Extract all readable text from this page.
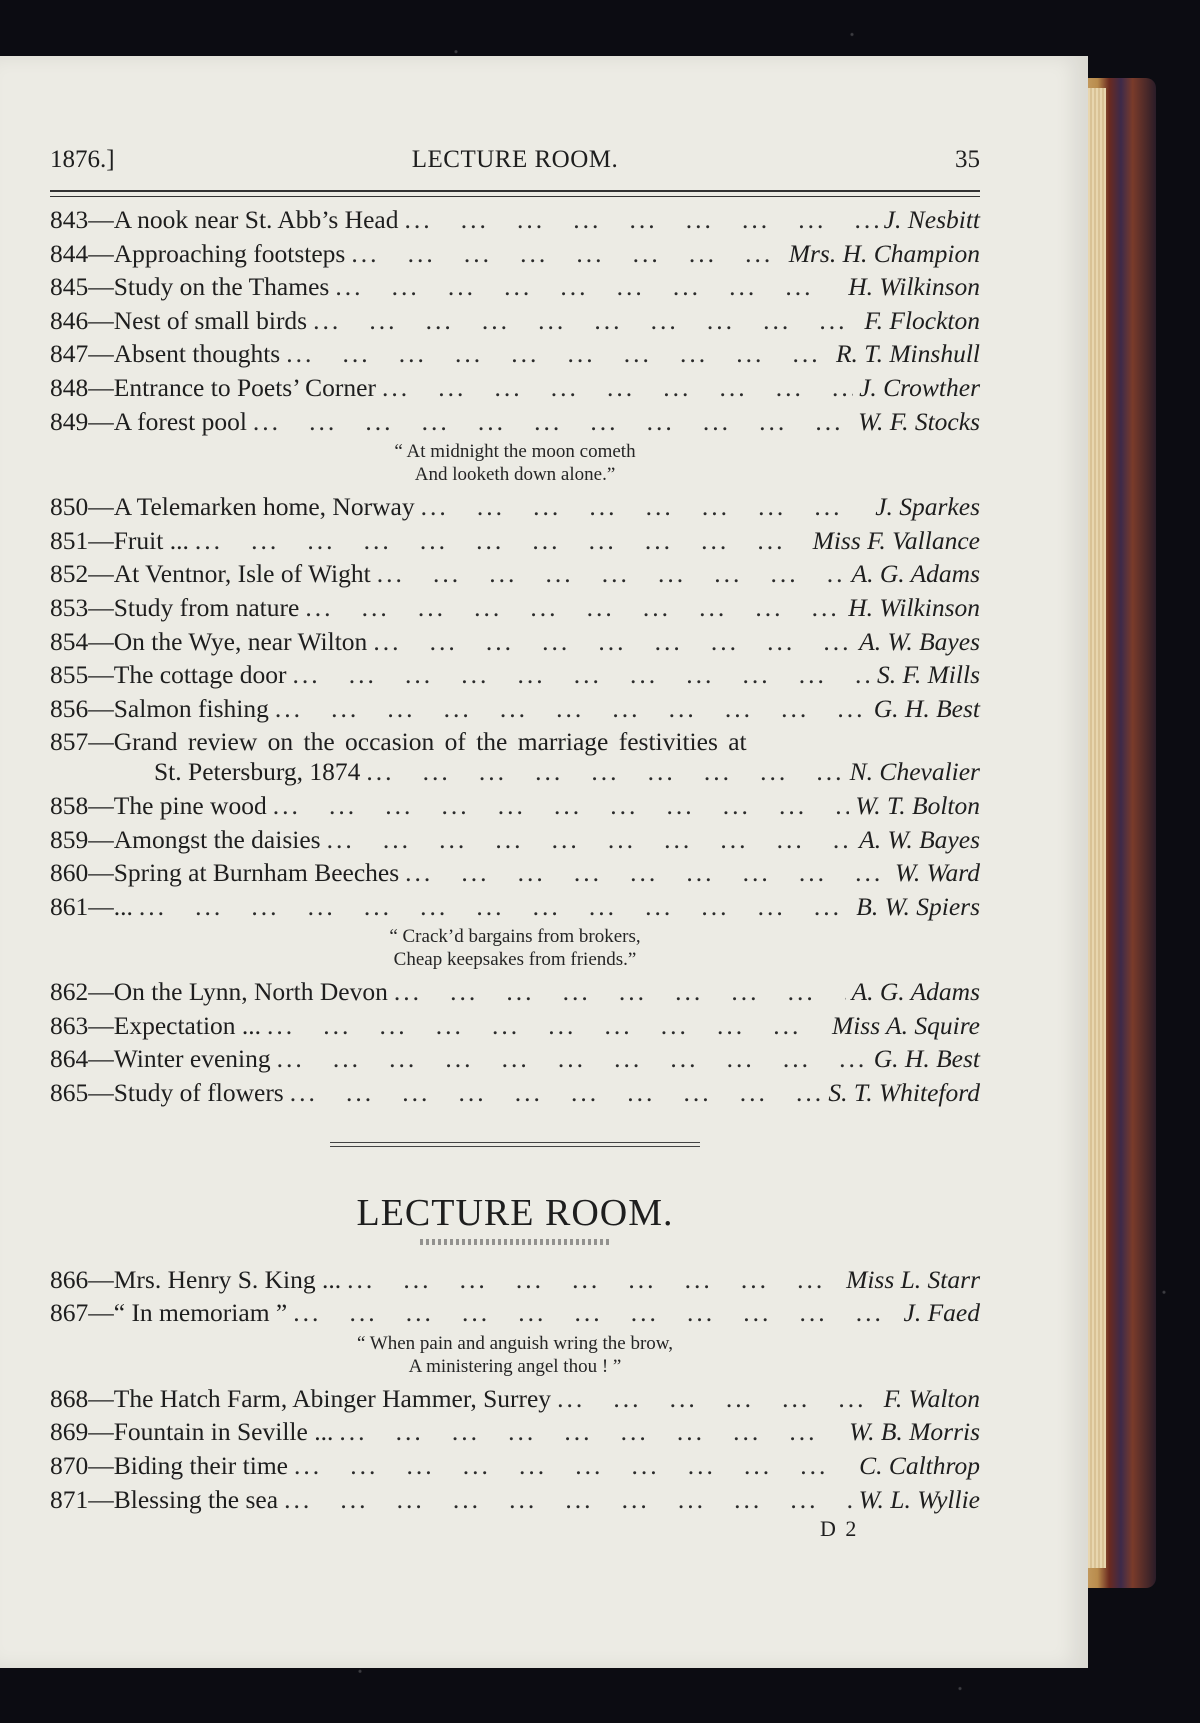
1876.]	LECTURE ROOM.	35
843 — A nook near St. Abb’s Head ...	J. Nesbitt
844 — Approaching footsteps ...	Mrs. H. Champion
845 — Study on the Thames ...	H. Wilkinson
846 — Nest of small birds ...	F. Flockton
847 — Absent thoughts ...	R. T. Minshull
848 — Entrance to Poets’ Corner ...	J. Crowther
849 — A forest pool ...	W. F. Stocks
“ At midnight the moon cometh
And looketh down alone.”
850 — A Telemarken home, Norway ...	J. Sparkes
851 — Fruit ... ...	Miss F. Vallance
852 — At Ventnor, Isle of Wight ...	A. G. Adams
853 — Study from nature ...	H. Wilkinson
854 — On the Wye, near Wilton ...	A. W. Bayes
855 — The cottage door ...	S. F. Mills
856 — Salmon fishing ...	G. H. Best
857 — Grand review on the occasion of the marriage festivities at
St. Petersburg, 1874 ...	N. Chevalier
858 — The pine wood ...	W. T. Bolton
859 — Amongst the daisies ...	A. W. Bayes
860 — Spring at Burnham Beeches ...	W. Ward
861 — ... ...	B. W. Spiers
“ Crack’d bargains from brokers,
Cheap keepsakes from friends.”
862 — On the Lynn, North Devon ...	A. G. Adams
863 — Expectation ... ...	Miss A. Squire
864 — Winter evening ...	G. H. Best
865 — Study of flowers ...	S. T. Whiteford
LECTURE ROOM.
866 — Mrs. Henry S. King ... ...	Miss L. Starr
867 — “ In memoriam ” ...	J. Faed
“ When pain and anguish wring the brow,
A ministering angel thou ! ”
868 — The Hatch Farm, Abinger Hammer, Surrey ...	F. Walton
869 — Fountain in Seville ... ...	W. B. Morris
870 — Biding their time ...	C. Calthrop
871 — Blessing the sea ...	W. L. Wyllie
D 2
